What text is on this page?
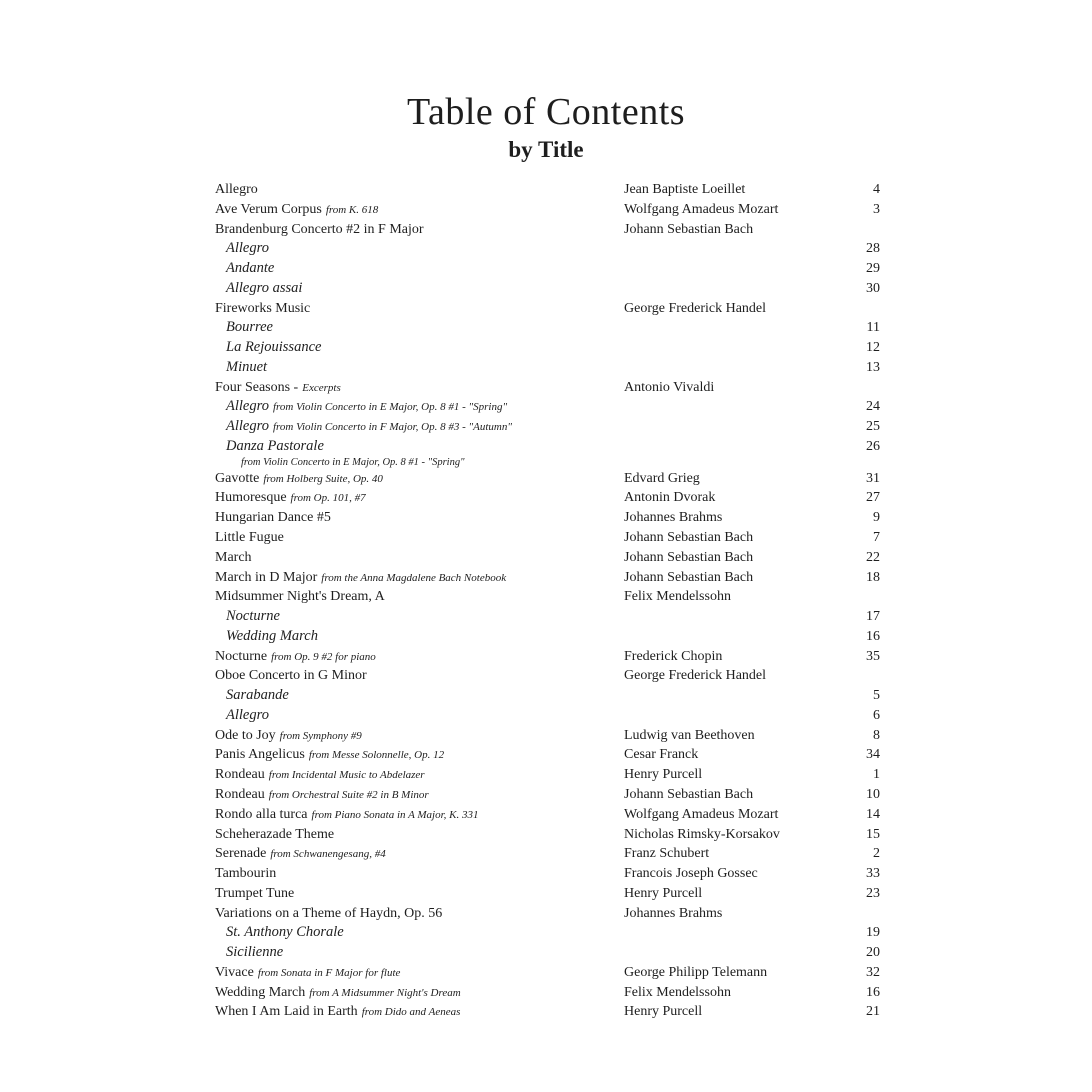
Table of Contents
by Title
Allegro	Jean Baptiste Loeillet	4
Ave Verum Corpus from K. 618	Wolfgang Amadeus Mozart	3
Brandenburg Concerto #2 in F Major	Johann Sebastian Bach
Allegro	28
Andante	29
Allegro assai	30
Fireworks Music	George Frederick Handel
Bourree	11
La Rejouissance	12
Minuet	13
Four Seasons - Excerpts	Antonio Vivaldi
Allegro from Violin Concerto in E Major, Op. 8 #1 - "Spring"	24
Allegro from Violin Concerto in F Major, Op. 8 #3 - "Autumn"	25
Danza Pastorale	26
from Violin Concerto in E Major, Op. 8 #1 - "Spring"
Gavotte from Holberg Suite, Op. 40	Edvard Grieg	31
Humoresque from Op. 101, #7	Antonin Dvorak	27
Hungarian Dance #5	Johannes Brahms	9
Little Fugue	Johann Sebastian Bach	7
March	Johann Sebastian Bach	22
March in D Major from the Anna Magdalene Bach Notebook	Johann Sebastian Bach	18
Midsummer Night's Dream, A	Felix Mendelssohn
Nocturne	17
Wedding March	16
Nocturne from Op. 9 #2 for piano	Frederick Chopin	35
Oboe Concerto in G Minor	George Frederick Handel
Sarabande	5
Allegro	6
Ode to Joy from Symphony #9	Ludwig van Beethoven	8
Panis Angelicus from Messe Solonnelle, Op. 12	Cesar Franck	34
Rondeau from Incidental Music to Abdelazer	Henry Purcell	1
Rondeau from Orchestral Suite #2 in B Minor	Johann Sebastian Bach	10
Rondo alla turca from Piano Sonata in A Major, K. 331	Wolfgang Amadeus Mozart	14
Scheherazade Theme	Nicholas Rimsky-Korsakov	15
Serenade from Schwanengesang, #4	Franz Schubert	2
Tambourin	Francois Joseph Gossec	33
Trumpet Tune	Henry Purcell	23
Variations on a Theme of Haydn, Op. 56	Johannes Brahms
St. Anthony Chorale	19
Sicilienne	20
Vivace from Sonata in F Major for flute	George Philipp Telemann	32
Wedding March from A Midsummer Night's Dream	Felix Mendelssohn	16
When I Am Laid in Earth from Dido and Aeneas	Henry Purcell	21
